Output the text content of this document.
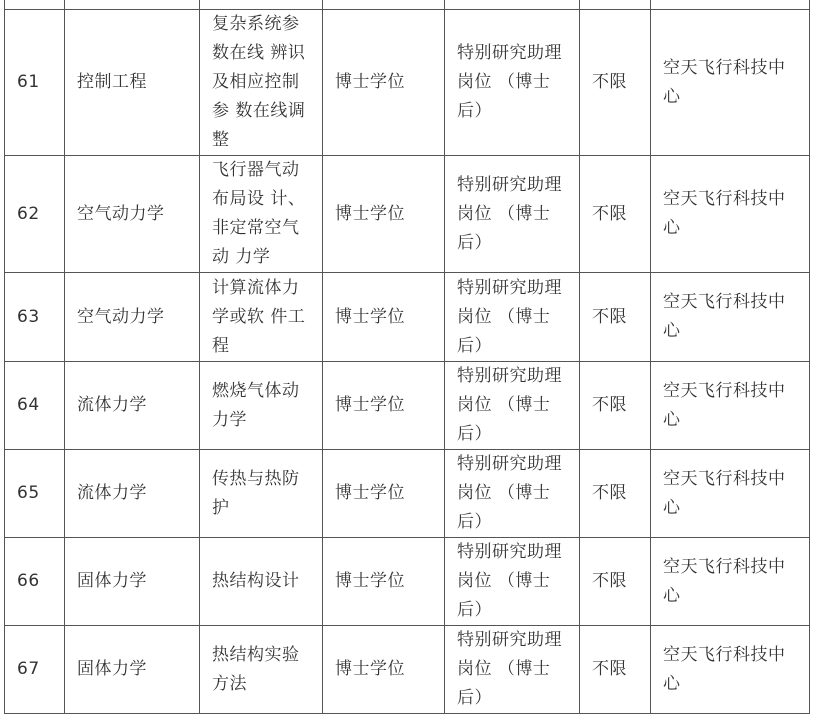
61	控制工程	复杂系统参数在线 辨识及相应控制参 数在线调整	博士学位	特别研究助理岗位 （博士后）	不限	空天飞行科技中心
62	空气动力学	飞行器气动布局设 计、非定常空气动 力学	博士学位	特别研究助理岗位 （博士后）	不限	空天飞行科技中心
63	空气动力学	计算流体力学或软 件工程	博士学位	特别研究助理岗位 （博士后）	不限	空天飞行科技中心
64	流体力学	燃烧气体动力学	博士学位	特别研究助理岗位 （博士后）	不限	空天飞行科技中心
65	流体力学	传热与热防护	博士学位	特别研究助理岗位 （博士后）	不限	空天飞行科技中心
66	固体力学	热结构设计	博士学位	特别研究助理岗位 （博士后）	不限	空天飞行科技中心
67	固体力学	热结构实验方法	博士学位	特别研究助理岗位 （博士后）	不限	空天飞行科技中心
